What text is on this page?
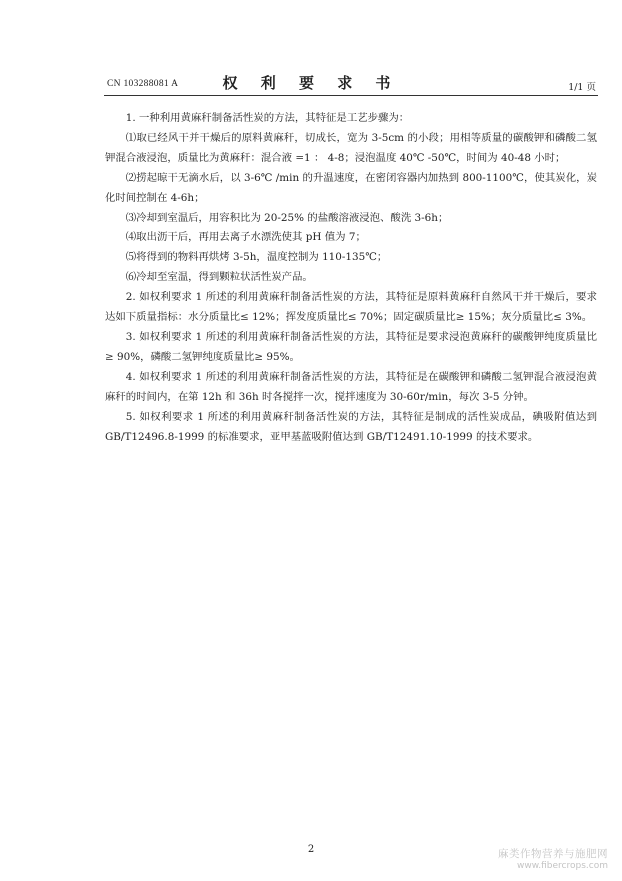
CN 103288081 A	权 利 要 求 书	1/1 页

1. 一种利用黄麻秆制备活性炭的方法，其特征是工艺步骤为：

⑴取已经风干并干燥后的原料黄麻秆，切成长，宽为 3-5cm 的小段；用相等质量的碳酸钾和磷酸二氢钾混合液浸泡，质量比为黄麻秆：混合液 =1 ： 4-8；浸泡温度 40℃ -50℃，时间为 40-48 小时；

⑵捞起晾干无滴水后，以 3-6℃ /min 的升温速度，在密闭容器内加热到 800-1100℃，使其炭化，炭化时间控制在 4-6h；

⑶冷却到室温后，用容积比为 20-25% 的盐酸溶液浸泡、酸洗 3-6h；

⑷取出沥干后，再用去离子水漂洗使其 pH 值为 7；

⑸将得到的物料再烘烤 3-5h，温度控制为 110-135℃；

⑹冷却至室温，得到颗粒状活性炭产品。

2. 如权利要求 1 所述的利用黄麻秆制备活性炭的方法，其特征是原料黄麻秆自然风干并干燥后，要求达如下质量指标：水分质量比≤ 12%；挥发度质量比≤ 70%；固定碳质量比≥ 15%；灰分质量比≤ 3%。

3. 如权利要求 1 所述的利用黄麻秆制备活性炭的方法，其特征是要求浸泡黄麻秆的碳酸钾纯度质量比≥ 90%，磷酸二氢钾纯度质量比≥ 95%。

4. 如权利要求 1 所述的利用黄麻秆制备活性炭的方法，其特征是在碳酸钾和磷酸二氢钾混合液浸泡黄麻秆的时间内，在第 12h 和 36h 时各搅拌一次，搅拌速度为 30-60r/min，每次 3-5 分钟。

5. 如权利要求 1 所述的利用黄麻秆制备活性炭的方法，其特征是制成的活性炭成品，碘吸附值达到 GB/T12496.8-1999 的标准要求，亚甲基蓝吸附值达到 GB/T12491.10-1999 的技术要求。

2	麻类作物营养与施肥网
www.fibercrops.com
